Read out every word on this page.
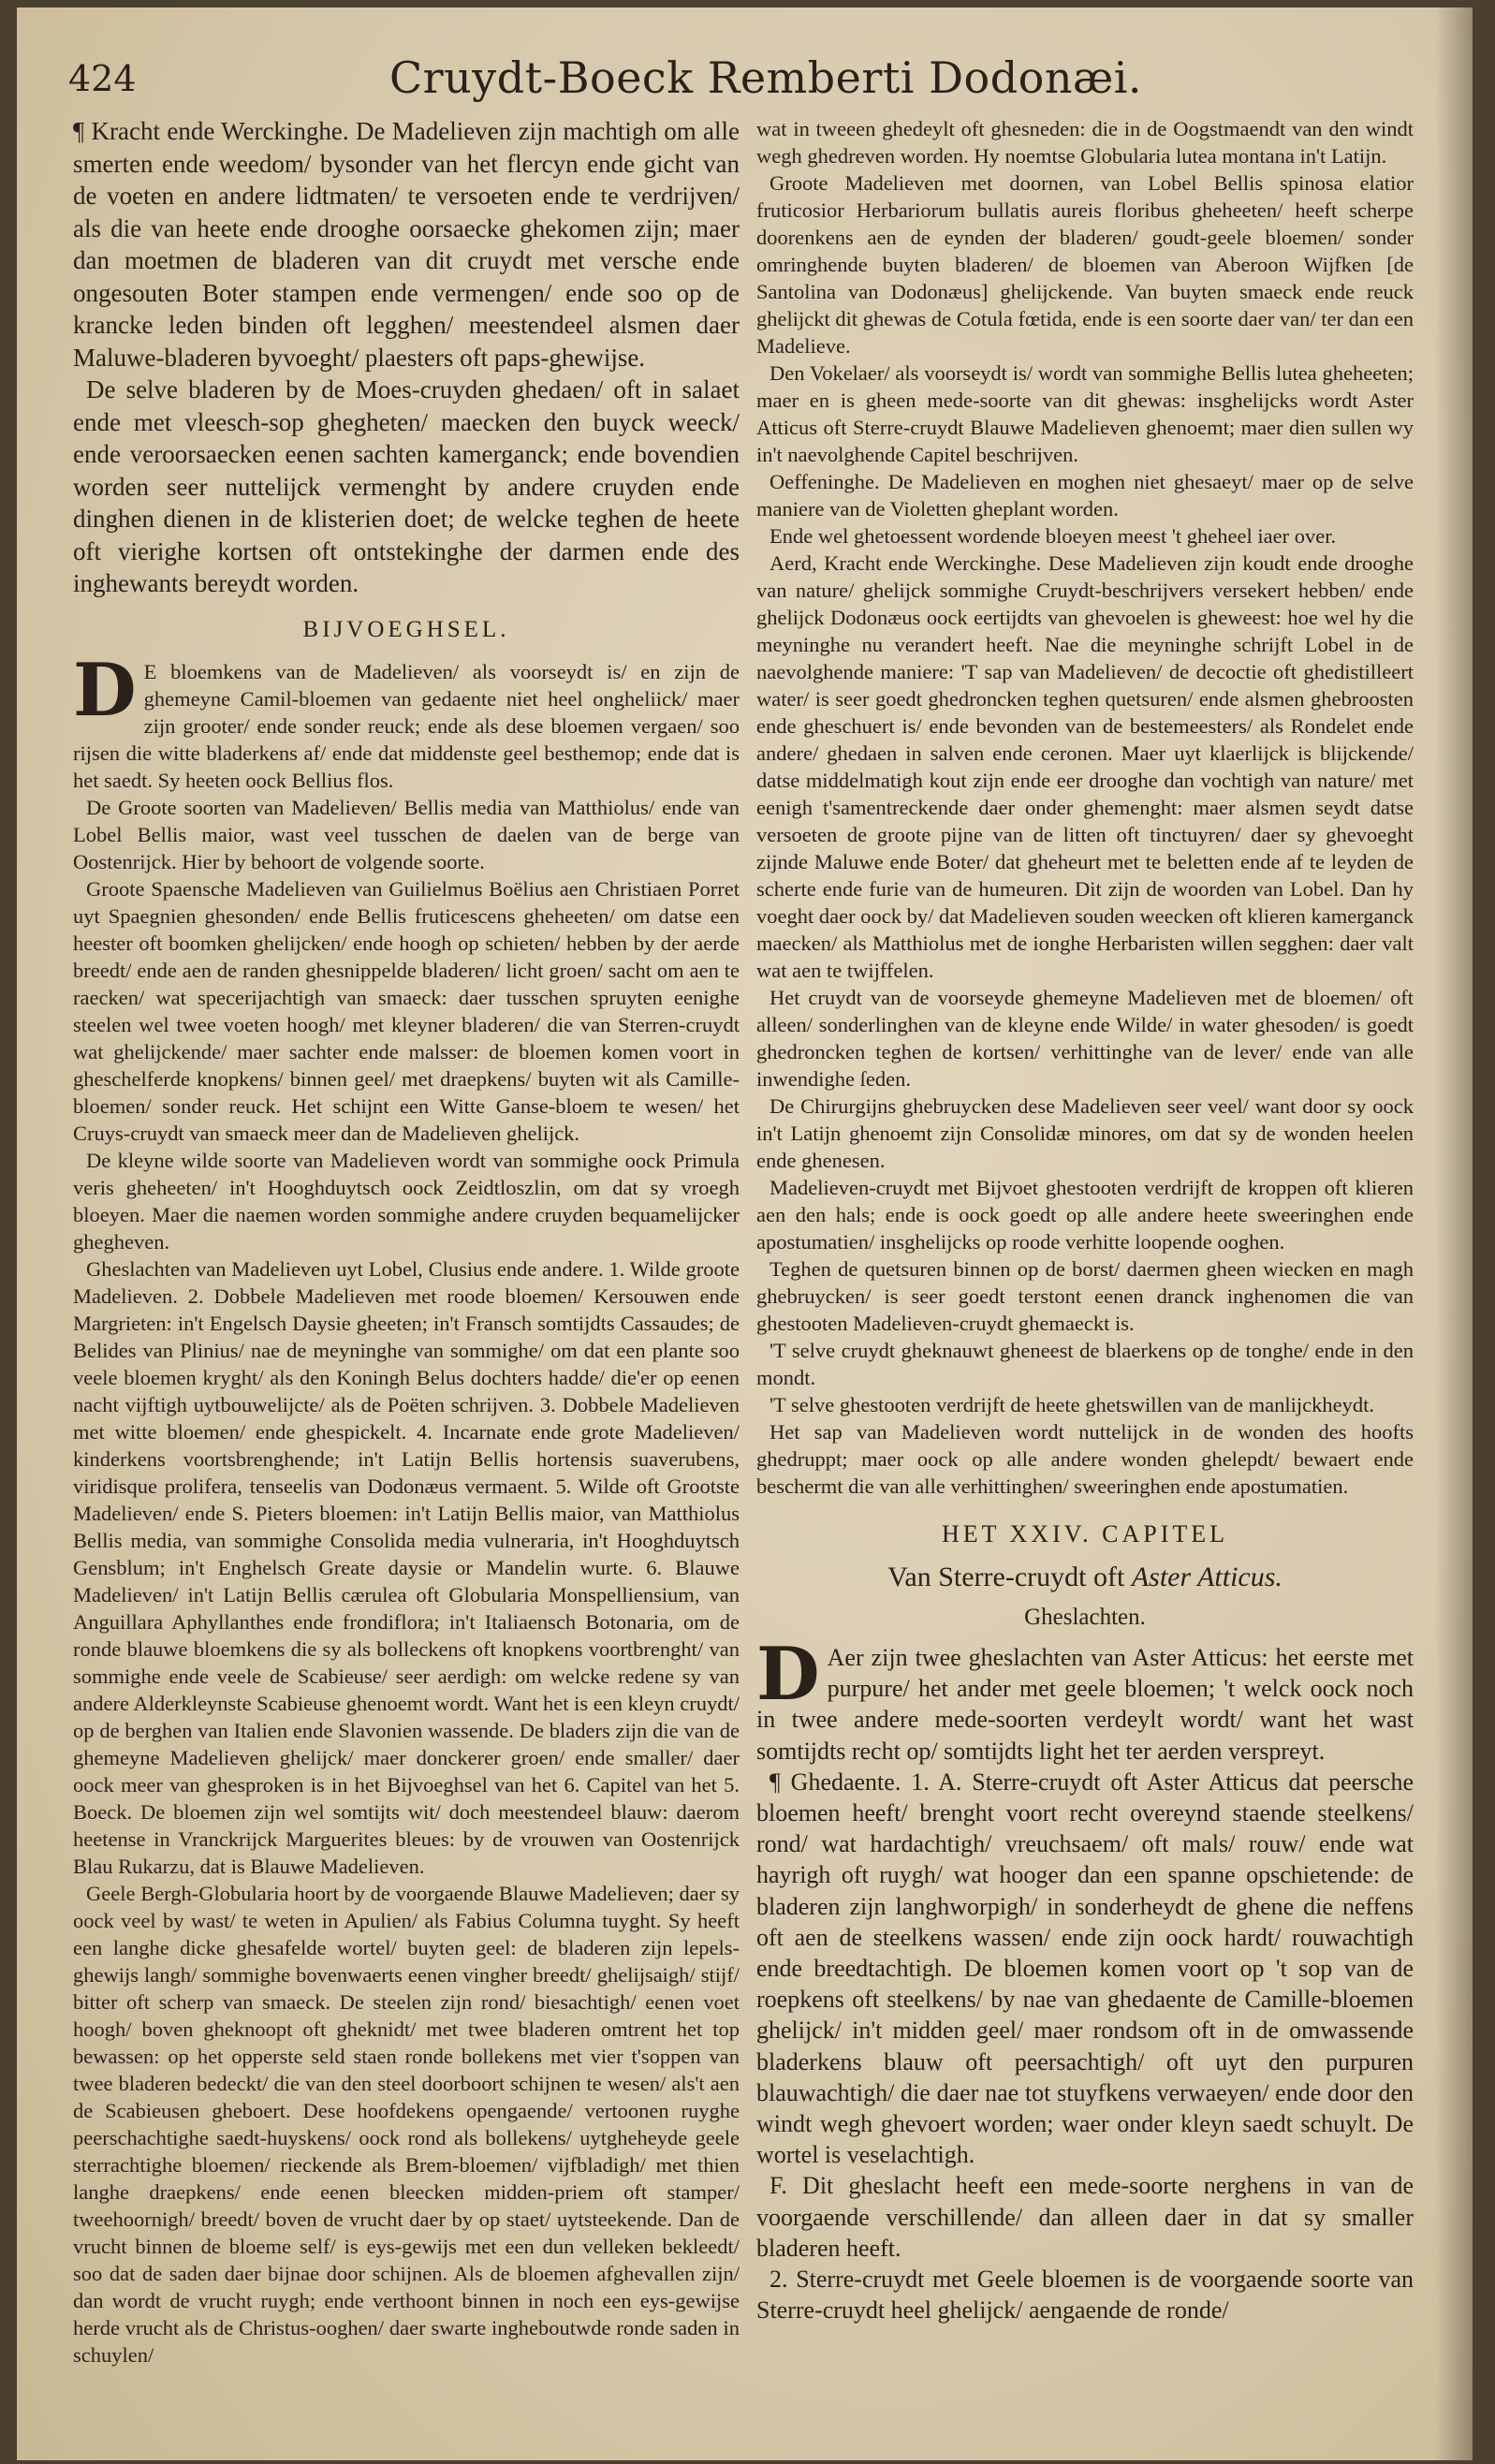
424	Cruydt-Boeck Remberti Dodonæi.

¶ Kracht ende Werckinghe. De Madelieven zijn machtigh om alle smerten ende weedom/ bysonder van het flercyn ende gicht van de voeten en andere lidtmaten/ te versoeten ende te verdrijven/ als die van heete ende drooghe oorsaecke ghekomen zijn; maer dan moetmen de bladeren van dit cruydt met versche ende ongesouten Boter stampen ende vermengen/ ende soo op de krancke leden binden oft legghen/ meestendeel alsmen daer Maluwe-bladeren byvoeght/ plaesters oft paps-ghewijse.

De selve bladeren by de Moes-cruyden ghedaen/ oft in salaet ende met vleesch-sop ghegheten/ maecken den buyck weeck/ ende veroorsaecken eenen sachten kamerganck; ende bovendien worden seer nuttelijck vermenght by andere cruyden ende dinghen dienen in de klisterien doet; de welcke teghen de heete oft vierighe kortsen oft ontstekinghe der darmen ende des inghewants bereydt worden.

BIJVOEGHSEL.

D E bloemkens van de Madelieven/ als voorseydt is/ en zijn de ghemeyne Camil-bloemen van gedaente niet heel ongheliick/ maer zijn grooter/ ende sonder reuck; ende als dese bloemen vergaen/ soo rijsen die witte bladerkens af/ ende dat middenste geel besthemop; ende dat is het saedt. Sy heeten oock Bellius flos.

De Groote soorten van Madelieven/ Bellis media van Matthiolus/ ende van Lobel Bellis maior, wast veel tusschen de daelen van de berge van Oostenrijck. Hier by behoort de volgende soorte.

Groote Spaensche Madelieven van Guilielmus Boëlius aen Christiaen Porret uyt Spaegnien ghesonden/ ende Bellis fruticescens gheheeten/ om datse een heester oft boomken ghelijcken/ ende hoogh op schieten/ hebben by der aerde breedt/ ende aen de randen ghesnippelde bladeren/ licht groen/ sacht om aen te raecken/ wat specerijachtigh van smaeck: daer tusschen spruyten eenighe steelen wel twee voeten hoogh/ met kleyner bladeren/ die van Sterren-cruydt wat ghelijckende/ maer sachter ende malsser: de bloemen komen voort in gheschelferde knopkens/ binnen geel/ met draepkens/ buyten wit als Camille-bloemen/ sonder reuck. Het schijnt een Witte Ganse-bloem te wesen/ het Cruys-cruydt van smaeck meer dan de Madelieven ghelijck.

De kleyne wilde soorte van Madelieven wordt van sommighe oock Primula veris gheheeten/ in't Hooghduytsch oock Zeidtloszlin, om dat sy vroegh bloeyen. Maer die naemen worden sommighe andere cruyden bequamelijcker ghegheven.

Gheslachten van Madelieven uyt Lobel, Clusius ende andere. 1. Wilde groote Madelieven. 2. Dobbele Madelieven met roode bloemen/ Kersouwen ende Margrieten: in't Engelsch Daysie gheeten; in't Fransch somtijdts Cassaudes; de Belides van Plinius/ nae de meyninghe van sommighe/ om dat een plante soo veele bloemen kryght/ als den Koningh Belus dochters hadde/ die'er op eenen nacht vijftigh uytbouwelijcte/ als de Poëten schrijven. 3. Dobbele Madelieven met witte bloemen/ ende ghespickelt. 4. Incarnate ende grote Madelieven/ kinderkens voortsbrenghende; in't Latijn Bellis hortensis suaverubens, viridisque prolifera, tenseelis van Dodonæus vermaent. 5. Wilde oft Grootste Madelieven/ ende S. Pieters bloemen: in't Latijn Bellis maior, van Matthiolus Bellis media, van sommighe Consolida media vulneraria, in't Hooghduytsch Gensblum; in't Enghelsch Greate daysie or Mandelin wurte. 6. Blauwe Madelieven/ in't Latijn Bellis cærulea oft Globularia Monspelliensium, van Anguillara Aphyllanthes ende frondiflora; in't Italiaensch Botonaria, om de ronde blauwe bloemkens die sy als bolleckens oft knopkens voortbrenght/ van sommighe ende veele de Scabieuse/ seer aerdigh: om welcke redene sy van andere Alderkleynste Scabieuse ghenoemt wordt. Want het is een kleyn cruydt/ op de berghen van Italien ende Slavonien wassende. De bladers zijn die van de ghemeyne Madelieven ghelijck/ maer donckerer groen/ ende smaller/ daer oock meer van ghesproken is in het Bijvoeghsel van het 6. Capitel van het 5. Boeck. De bloemen zijn wel somtijts wit/ doch meestendeel blauw: daerom heetense in Vranckrijck Marguerites bleues: by de vrouwen van Oostenrijck Blau Rukarzu, dat is Blauwe Madelieven.

Geele Bergh-Globularia hoort by de voorgaende Blauwe Madelieven; daer sy oock veel by wast/ te weten in Apulien/ als Fabius Columna tuyght. Sy heeft een langhe dicke ghesafelde wortel/ buyten geel: de bladeren zijn lepels-ghewijs langh/ sommighe bovenwaerts eenen vingher breedt/ ghelijsaigh/ stijf/ bitter oft scherp van smaeck. De steelen zijn rond/ biesachtigh/ eenen voet hoogh/ boven gheknoopt oft gheknidt/ met twee bladeren omtrent het top bewassen: op het opperste seld staen ronde bollekens met vier t'soppen van twee bladeren bedeckt/ die van den steel doorboort schijnen te wesen/ als't aen de Scabieusen gheboert. Dese hoofdekens opengaende/ vertoonen ruyghe peerschachtighe saedt-huyskens/ oock rond als bollekens/ uytgheheyde geele sterrachtighe bloemen/ rieckende als Brem-bloemen/ vijfbladigh/ met thien langhe draepkens/ ende eenen bleecken midden-priem oft stamper/ tweehoornigh/ breedt/ boven de vrucht daer by op staet/ uytsteekende. Dan de vrucht binnen de bloeme self/ is eys-gewijs met een dun velleken bekleedt/ soo dat de saden daer bijnae door schijnen. Als de bloemen afghevallen zijn/ dan wordt de vrucht ruygh; ende verthoont binnen in noch een eys-gewijse herde vrucht als de Christus-ooghen/ daer swarte ingheboutwde ronde saden in schuylen/

wat in tweeen ghedeylt oft ghesneden: die in de Oogstmaendt van den windt wegh ghedreven worden. Hy noemtse Globularia lutea montana in't Latijn.

Groote Madelieven met doornen, van Lobel Bellis spinosa elatior fruticosior Herbariorum bullatis aureis floribus gheheeten/ heeft scherpe doorenkens aen de eynden der bladeren/ goudt-geele bloemen/ sonder omringhende buyten bladeren/ de bloemen van Aberoon Wijfken [de Santolina van Dodonæus] ghelijckende. Van buyten smaeck ende reuck ghelijckt dit ghewas de Cotula fœtida, ende is een soorte daer van/ ter dan een Madelieve.

Den Vokelaer/ als voorseydt is/ wordt van sommighe Bellis lutea gheheeten; maer en is gheen mede-soorte van dit ghewas: insghelijcks wordt Aster Atticus oft Sterre-cruydt Blauwe Madelieven ghenoemt; maer dien sullen wy in't naevolghende Capitel beschrijven.

Oeffeninghe. De Madelieven en moghen niet ghesaeyt/ maer op de selve maniere van de Violetten gheplant worden.

Ende wel ghetoessent wordende bloeyen meest 't gheheel iaer over.

Aerd, Kracht ende Werckinghe. Dese Madelieven zijn koudt ende drooghe van nature/ ghelijck sommighe Cruydt-beschrijvers versekert hebben/ ende ghelijck Dodonæus oock eertijdts van ghevoelen is gheweest: hoe wel hy die meyninghe nu verandert heeft. Nae die meyninghe schrijft Lobel in de naevolghende maniere: 'T sap van Madelieven/ de decoctie oft ghedistilleert water/ is seer goedt ghedroncken teghen quetsuren/ ende alsmen ghebroosten ende gheschuert is/ ende bevonden van de bestemeesters/ als Rondelet ende andere/ ghedaen in salven ende ceronen. Maer uyt klaerlijck is blijckende/ datse middelmatigh kout zijn ende eer drooghe dan vochtigh van nature/ met eenigh t'samentreckende daer onder ghemenght: maer alsmen seydt datse versoeten de groote pijne van de litten oft tinctuyren/ daer sy ghevoeght zijnde Maluwe ende Boter/ dat gheheurt met te beletten ende af te leyden de scherte ende furie van de humeuren. Dit zijn de woorden van Lobel. Dan hy voeght daer oock by/ dat Madelieven souden weecken oft klieren kamerganck maecken/ als Matthiolus met de ionghe Herbaristen willen segghen: daer valt wat aen te twijffelen.

Het cruydt van de voorseyde ghemeyne Madelieven met de bloemen/ oft alleen/ sonderlinghen van de kleyne ende Wilde/ in water ghesoden/ is goedt ghedroncken teghen de kortsen/ verhittinghe van de lever/ ende van alle inwendighe ſeden.

De Chirurgijns ghebruycken dese Madelieven seer veel/ want door sy oock in't Latijn ghenoemt zijn Consolidæ minores, om dat sy de wonden heelen ende ghenesen.

Madelieven-cruydt met Bijvoet ghestooten verdrijft de kroppen oft klieren aen den hals; ende is oock goedt op alle andere heete sweeringhen ende apostumatien/ insghelijcks op roode verhitte loopende ooghen.

Teghen de quetsuren binnen op de borst/ daermen gheen wiecken en magh ghebruycken/ is seer goedt terstont eenen dranck inghenomen die van ghestooten Madelieven-cruydt ghemaeckt is.

'T selve cruydt gheknauwt gheneest de blaerkens op de tonghe/ ende in den mondt.

'T selve ghestooten verdrijft de heete ghetswillen van de manlijckheydt.

Het sap van Madelieven wordt nuttelijck in de wonden des hoofts ghedruppt; maer oock op alle andere wonden ghelepdt/ bewaert ende beschermt die van alle verhittinghen/ sweeringhen ende apostumatien.

HET XXIV. CAPITEL

Van Sterre-cruydt oft Aster Atticus.

Gheslachten.

D Aer zijn twee gheslachten van Aster Atticus: het eerste met purpure/ het ander met geele bloemen; 't welck oock noch in twee andere mede-soorten verdeylt wordt/ want het wast somtijdts recht op/ somtijdts light het ter aerden verspreyt.

¶ Ghedaente. 1. A. Sterre-cruydt oft Aster Atticus dat peersche bloemen heeft/ brenght voort recht overeynd staende steelkens/ rond/ wat hardachtigh/ vreuchsaem/ oft mals/ rouw/ ende wat hayrigh oft ruygh/ wat hooger dan een spanne opschietende: de bladeren zijn langhworpigh/ in sonderheydt de ghene die neffens oft aen de steelkens wassen/ ende zijn oock hardt/ rouwachtigh ende breedtachtigh. De bloemen komen voort op 't sop van de roepkens oft steelkens/ by nae van ghedaente de Camille-bloemen ghelijck/ in't midden geel/ maer rondsom oft in de omwassende bladerkens blauw oft peersachtigh/ oft uyt den purpuren blauwachtigh/ die daer nae tot stuyfkens verwaeyen/ ende door den windt wegh ghevoert worden; waer onder kleyn saedt schuylt. De wortel is veselachtigh.

F. Dit gheslacht heeft een mede-soorte nerghens in van de voorgaende verschillende/ dan alleen daer in dat sy smaller bladeren heeft.

2. Sterre-cruydt met Geele bloemen is de voorgaende soorte van Sterre-cruydt heel ghelijck/ aengaende de ronde/
